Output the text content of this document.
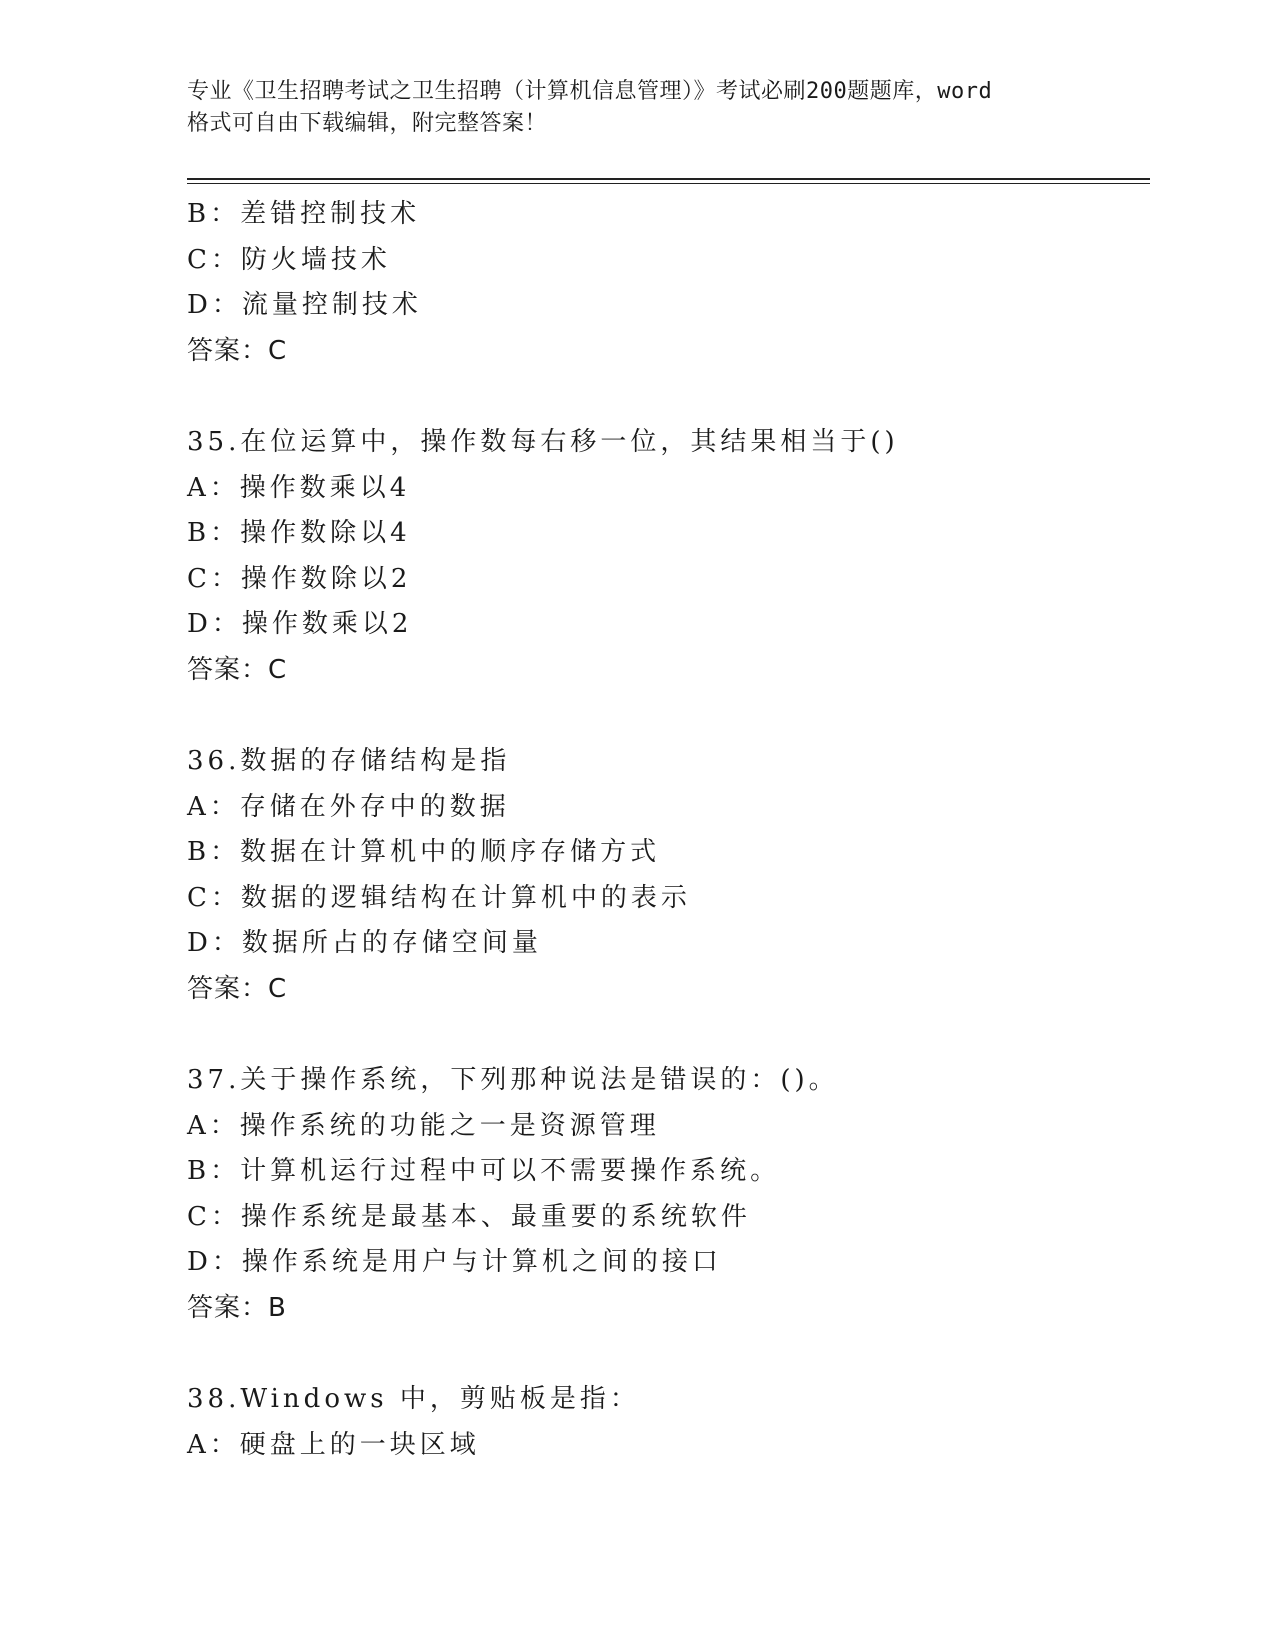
专业《卫生招聘考试之卫生招聘（计算机信息管理）》考试必刷200题题库，word
格式可自由下载编辑，附完整答案！
B：差错控制技术
C：防火墙技术
D：流量控制技术
答案：C
35.在位运算中，操作数每右移一位，其结果相当于()
A：操作数乘以4
B：操作数除以4
C：操作数除以2
D：操作数乘以2
答案：C
36.数据的存储结构是指
A：存储在外存中的数据
B：数据在计算机中的顺序存储方式
C：数据的逻辑结构在计算机中的表示
D：数据所占的存储空间量
答案：C
37.关于操作系统，下列那种说法是错误的：()。
A：操作系统的功能之一是资源管理
B：计算机运行过程中可以不需要操作系统。
C：操作系统是最基本、最重要的系统软件
D：操作系统是用户与计算机之间的接口
答案：B
38.Windows 中，剪贴板是指：
A：硬盘上的一块区域
